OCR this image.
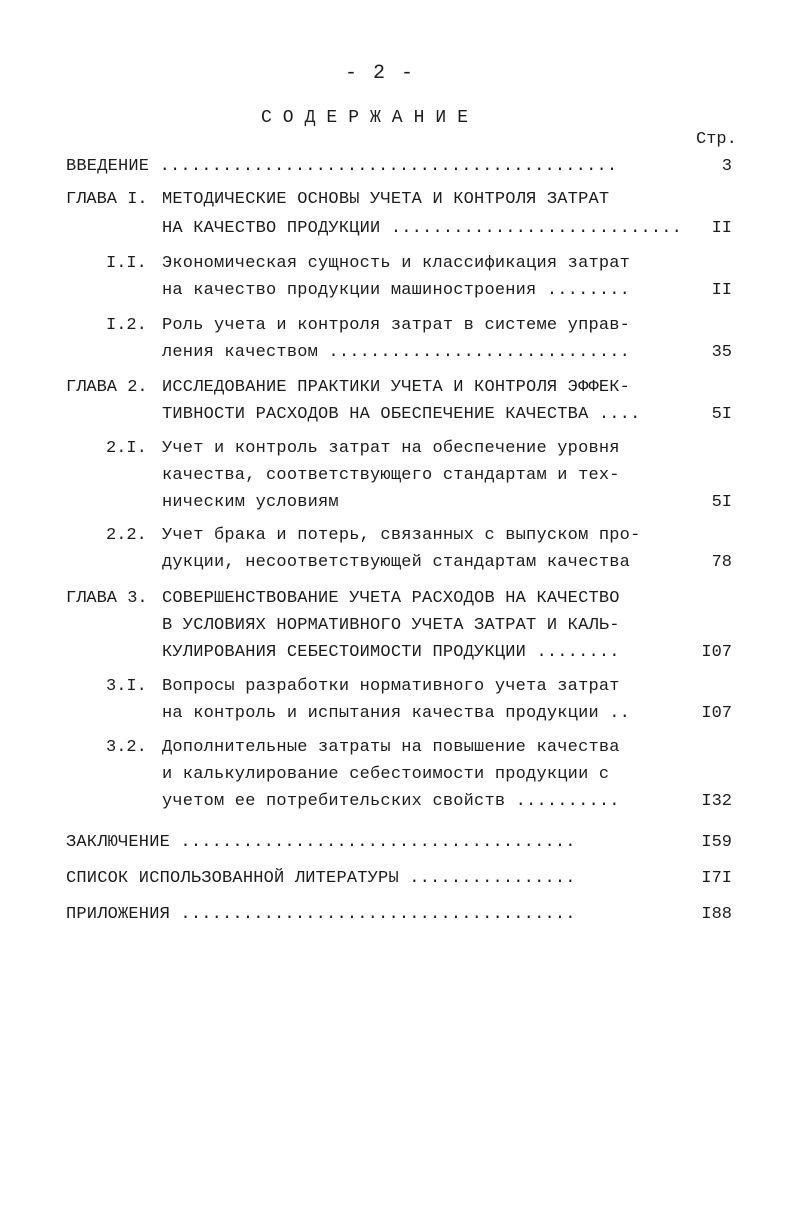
- 2 -
СОДЕРЖАНИЕ
Стр.
ВВЕДЕНИЕ ............................................	3
ГЛАВА I. МЕТОДИЧЕСКИЕ ОСНОВЫ УЧЕТА И КОНТРОЛЯ ЗАТРАТ
НА КАЧЕСТВО ПРОДУКЦИИ ............................	II
I.I. Экономическая сущность и классификация затрат
на качество продукции машиностроения ........	II
I.2. Роль учета и контроля затрат в системе управ-
ления качеством .............................	35
ГЛАВА 2. ИССЛЕДОВАНИЕ ПРАКТИКИ УЧЕТА И КОНТРОЛЯ ЭФФЕК-
ТИВНОСТИ РАСХОДОВ НА ОБЕСПЕЧЕНИЕ КАЧЕСТВА ....	5I
2.I. Учет и контроль затрат на обеспечение уровня
качества, соответствующего стандартам и тех-
ническим условиям	5I
2.2. Учет брака и потерь, связанных с выпуском про-
дукции, несоответствующей стандартам качества	78
ГЛАВА 3. СОВЕРШЕНСТВОВАНИЕ УЧЕТА РАСХОДОВ НА КАЧЕСТВО
В УСЛОВИЯХ НОРМАТИВНОГО УЧЕТА ЗАТРАТ И КАЛЬ-
КУЛИРОВАНИЯ СЕБЕСТОИМОСТИ ПРОДУКЦИИ ........	I07
3.I. Вопросы разработки нормативного учета затрат
на контроль и испытания качества продукции ..	I07
3.2. Дополнительные затраты на повышение качества
и калькулирование себестоимости продукции с
учетом ее потребительских свойств ..........	I32
ЗАКЛЮЧЕНИЕ ......................................	I59
СПИСОК ИСПОЛЬЗОВАННОЙ ЛИТЕРАТУРЫ ................	I7I
ПРИЛОЖЕНИЯ ......................................	I88
